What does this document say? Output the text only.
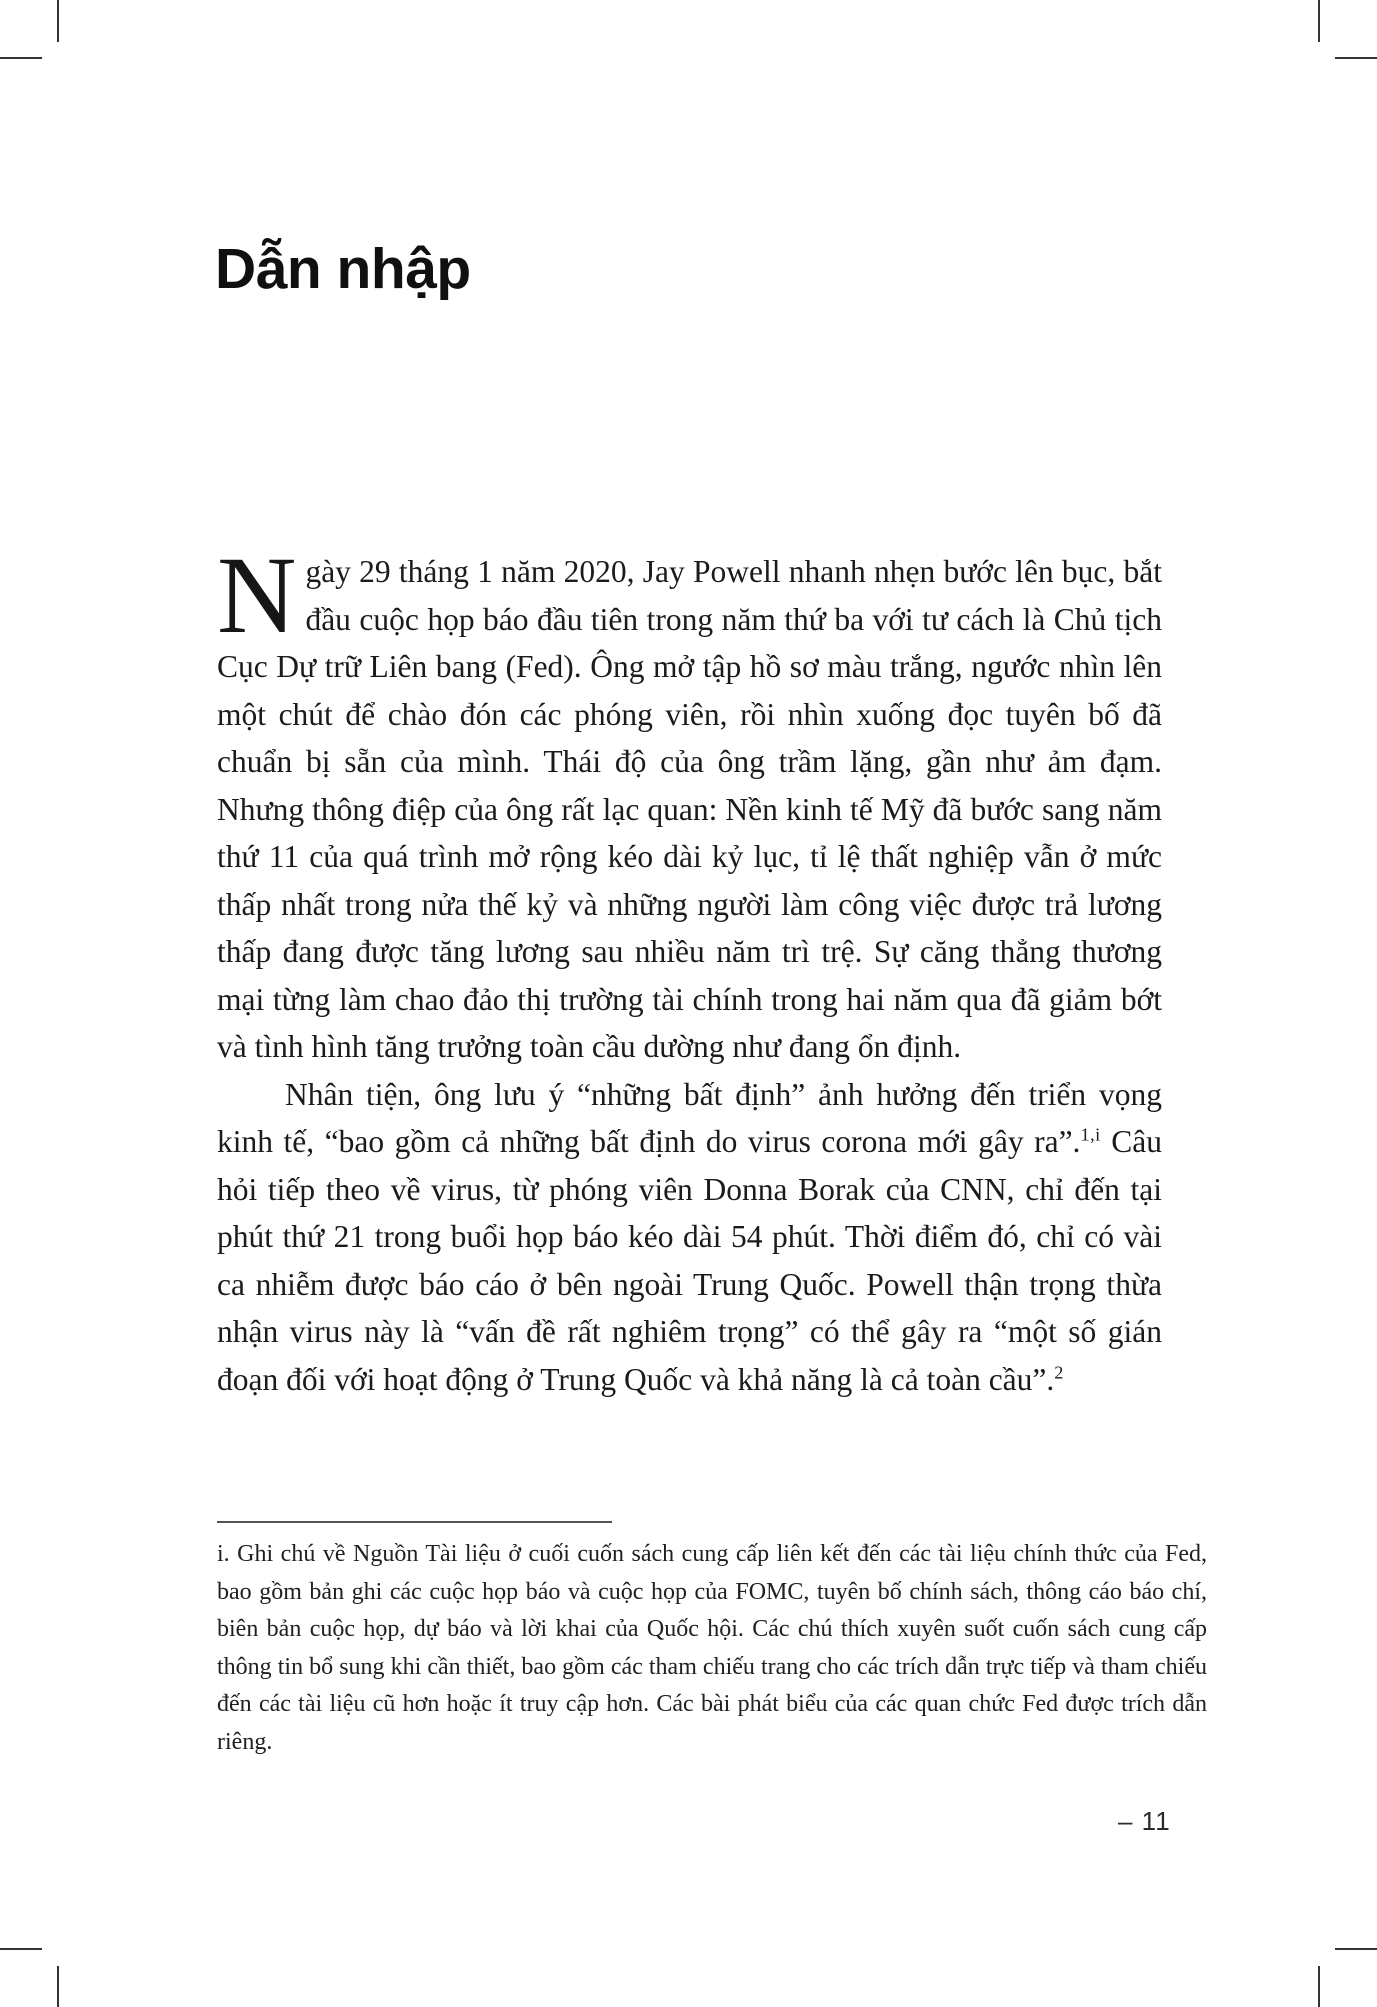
Dẫn nhập

Ngày 29 tháng 1 năm 2020, Jay Powell nhanh nhẹn bước lên bục, bắt đầu cuộc họp báo đầu tiên trong năm thứ ba với tư cách là Chủ tịch Cục Dự trữ Liên bang (Fed). Ông mở tập hồ sơ màu trắng, ngước nhìn lên một chút để chào đón các phóng viên, rồi nhìn xuống đọc tuyên bố đã chuẩn bị sẵn của mình. Thái độ của ông trầm lặng, gần như ảm đạm. Nhưng thông điệp của ông rất lạc quan: Nền kinh tế Mỹ đã bước sang năm thứ 11 của quá trình mở rộng kéo dài kỷ lục, tỉ lệ thất nghiệp vẫn ở mức thấp nhất trong nửa thế kỷ và những người làm công việc được trả lương thấp đang được tăng lương sau nhiều năm trì trệ. Sự căng thẳng thương mại từng làm chao đảo thị trường tài chính trong hai năm qua đã giảm bớt và tình hình tăng trưởng toàn cầu dường như đang ổn định.

Nhân tiện, ông lưu ý “những bất định” ảnh hưởng đến triển vọng kinh tế, “bao gồm cả những bất định do virus corona mới gây ra”.$^{1,i}$ Câu hỏi tiếp theo về virus, từ phóng viên Donna Borak của CNN, chỉ đến tại phút thứ 21 trong buổi họp báo kéo dài 54 phút. Thời điểm đó, chỉ có vài ca nhiễm được báo cáo ở bên ngoài Trung Quốc. Powell thận trọng thừa nhận virus này là “vấn đề rất nghiêm trọng” có thể gây ra “một số gián đoạn đối với hoạt động ở Trung Quốc và khả năng là cả toàn cầu”.$^2$

i. Ghi chú về Nguồn Tài liệu ở cuối cuốn sách cung cấp liên kết đến các tài liệu chính thức của Fed, bao gồm bản ghi các cuộc họp báo và cuộc họp của FOMC, tuyên bố chính sách, thông cáo báo chí, biên bản cuộc họp, dự báo và lời khai của Quốc hội. Các chú thích xuyên suốt cuốn sách cung cấp thông tin bổ sung khi cần thiết, bao gồm các tham chiếu trang cho các trích dẫn trực tiếp và tham chiếu đến các tài liệu cũ hơn hoặc ít truy cập hơn. Các bài phát biểu của các quan chức Fed được trích dẫn riêng.

– 11
